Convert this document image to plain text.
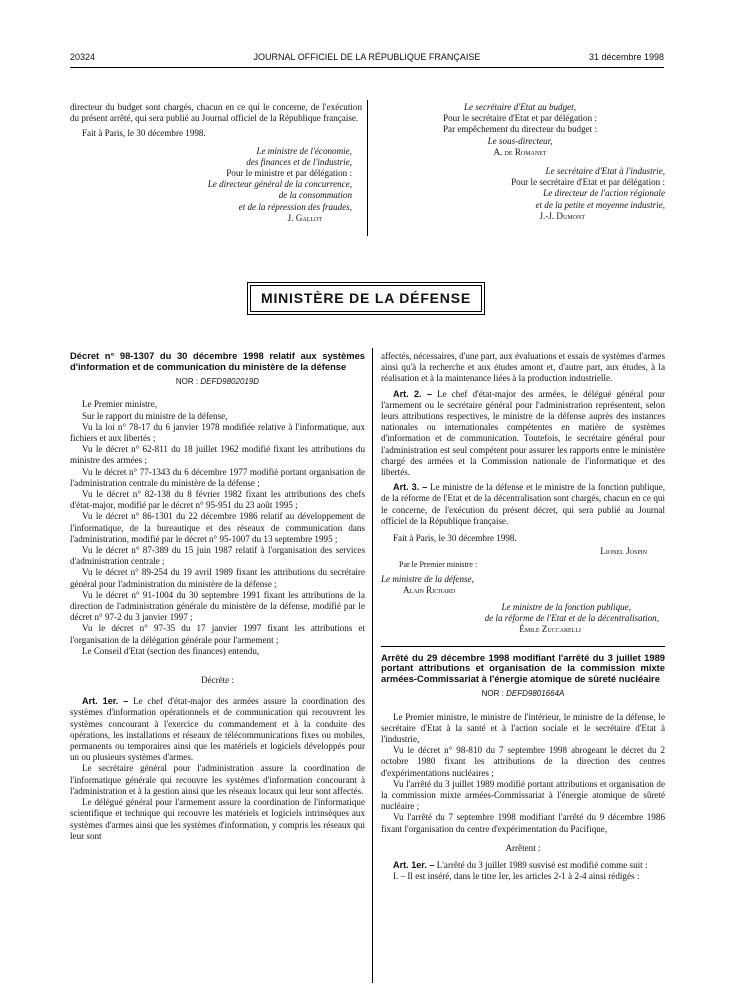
20324	JOURNAL OFFICIEL DE LA RÉPUBLIQUE FRANÇAISE	31 décembre 1998

directeur du budget sont chargés, chacun en ce qui le concerne, de l'exécution du présent arrêté, qui sera publié au Journal officiel de la République française.

Fait à Paris, le 30 décembre 1998.

Le ministre de l'économie,

des finances et de l'industrie,

Pour le ministre et par délégation :

Le directeur général de la concurrence,

de la consommation

et de la répression des fraudes,

J. Gallot

Le secrétaire d'Etat au budget,

Pour le secrétaire d'Etat et par délégation :

Par empêchement du directeur du budget :

Le sous-directeur,

A. de Romanet

Le secrétaire d'Etat à l'industrie,

Pour le secrétaire d'Etat et par délégation :

Le directeur de l'action régionale

et de la petite et moyenne industrie,

J.-J. Dumont

MINISTÈRE DE LA DÉFENSE

Décret n° 98-1307 du 30 décembre 1998 relatif aux systèmes d'information et de communication du ministère de la défense

NOR : DEFD9802019D

Le Premier ministre,

Sur le rapport du ministre de la défense,

Vu la loi n° 78-17 du 6 janvier 1978 modifiée relative à l'informatique, aux fichiers et aux libertés ;

Vu le décret n° 62-811 du 18 juillet 1962 modifié fixant les attributions du ministre des armées ;

Vu le décret n° 77-1343 du 6 décembre 1977 modifié portant organisation de l'administration centrale du ministère de la défense ;

Vu le décret n° 82-138 du 8 février 1982 fixant les attributions des chefs d'état-major, modifié par le décret n° 95-951 du 23 août 1995 ;

Vu le décret n° 86-1301 du 22 décembre 1986 relatif au développement de l'informatique, de la bureautique et des réseaux de communication dans l'administration, modifié par le décret n° 95-1007 du 13 septembre 1995 ;

Vu le décret n° 87-389 du 15 juin 1987 relatif à l'organisation des services d'administration centrale ;

Vu le décret n° 89-254 du 19 avril 1989 fixant les attributions du secrétaire général pour l'administration du ministère de la défense ;

Vu le décret n° 91-1004 du 30 septembre 1991 fixant les attributions de la direction de l'administration générale du ministère de la défense, modifié par le décret n° 97-2 du 3 janvier 1997 ;

Vu le décret n° 97-35 du 17 janvier 1997 fixant les attributions et l'organisation de la délégation générale pour l'armement ;

Le Conseil d'Etat (section des finances) entendu,

Décrète :

Art. 1er. – Le chef d'état-major des armées assure la coordination des systèmes d'information opérationnels et de communication qui recouvrent les systèmes concourant à l'exercice du commandement et à la conduite des opérations, les installations et réseaux de télécommunications fixes ou mobiles, permanents ou temporaires ainsi que les matériels et logiciels développés pour un ou plusieurs systèmes d'armes.

Le secrétaire général pour l'administration assure la coordination de l'informatique générale qui recouvre les systèmes d'information concourant à l'administration et à la gestion ainsi que les réseaux locaux qui leur sont affectés.

Le délégué général pour l'armement assure la coordination de l'informatique scientifique et technique qui recouvre les matériels et logiciels intrinsèques aux systèmes d'armes ainsi que les systèmes d'information, y compris les réseaux qui leur sont

affectés, nécessaires, d'une part, aux évaluations et essais de systèmes d'armes ainsi qu'à la recherche et aux études amont et, d'autre part, aux études, à la réalisation et à la maintenance liées à la production industrielle.

Art. 2. – Le chef d'état-major des armées, le délégué général pour l'armement ou le secrétaire général pour l'administration représentent, selon leurs attributions respectives, le ministre de la défense auprès des instances nationales ou internationales compétentes en matière de systèmes d'information et de communication. Toutefois, le secrétaire général pour l'administration est seul compétent pour assurer les rapports entre le ministère chargé des armées et la Commission nationale de l'informatique et des libertés.

Art. 3. – Le ministre de la défense et le ministre de la fonction publique, de la réforme de l'Etat et de la décentralisation sont chargés, chacun en ce qui le concerne, de l'exécution du présent décret, qui sera publié au Journal officiel de la République française.

Fait à Paris, le 30 décembre 1998.

Lionel Jospin

Par le Premier ministre :

Le ministre de la défense,

Alain Richard

Le ministre de la fonction publique,

de la réforme de l'Etat et de la décentralisation,

Émile Zuccarelli

Arrêté du 29 décembre 1998 modifiant l'arrêté du 3 juillet 1989 portant attributions et organisation de la commission mixte armées-Commissariat à l'énergie atomique de sûreté nucléaire

NOR : DEFD9801664A

Le Premier ministre, le ministre de l'intérieur, le ministre de la défense, le secrétaire d'Etat à la santé et à l'action sociale et le secrétaire d'Etat à l'industrie,

Vu le décret n° 98-810 du 7 septembre 1998 abrogeant le décret du 2 octobre 1980 fixant les attributions de la direction des centres d'expérimentations nucléaires ;

Vu l'arrêté du 3 juillet 1989 modifié portant attributions et organisation de la commission mixte armées-Commissariat à l'énergie atomique de sûreté nucléaire ;

Vu l'arrêté du 7 septembre 1998 modifiant l'arrêté du 9 décembre 1986 fixant l'organisation du centre d'expérimentation du Pacifique,

Arrêtent :

Art. 1er. – L'arrêté du 3 juillet 1989 susvisé est modifié comme suit :

I. – Il est inséré, dans le titre Ier, les articles 2-1 à 2-4 ainsi rédigés :
